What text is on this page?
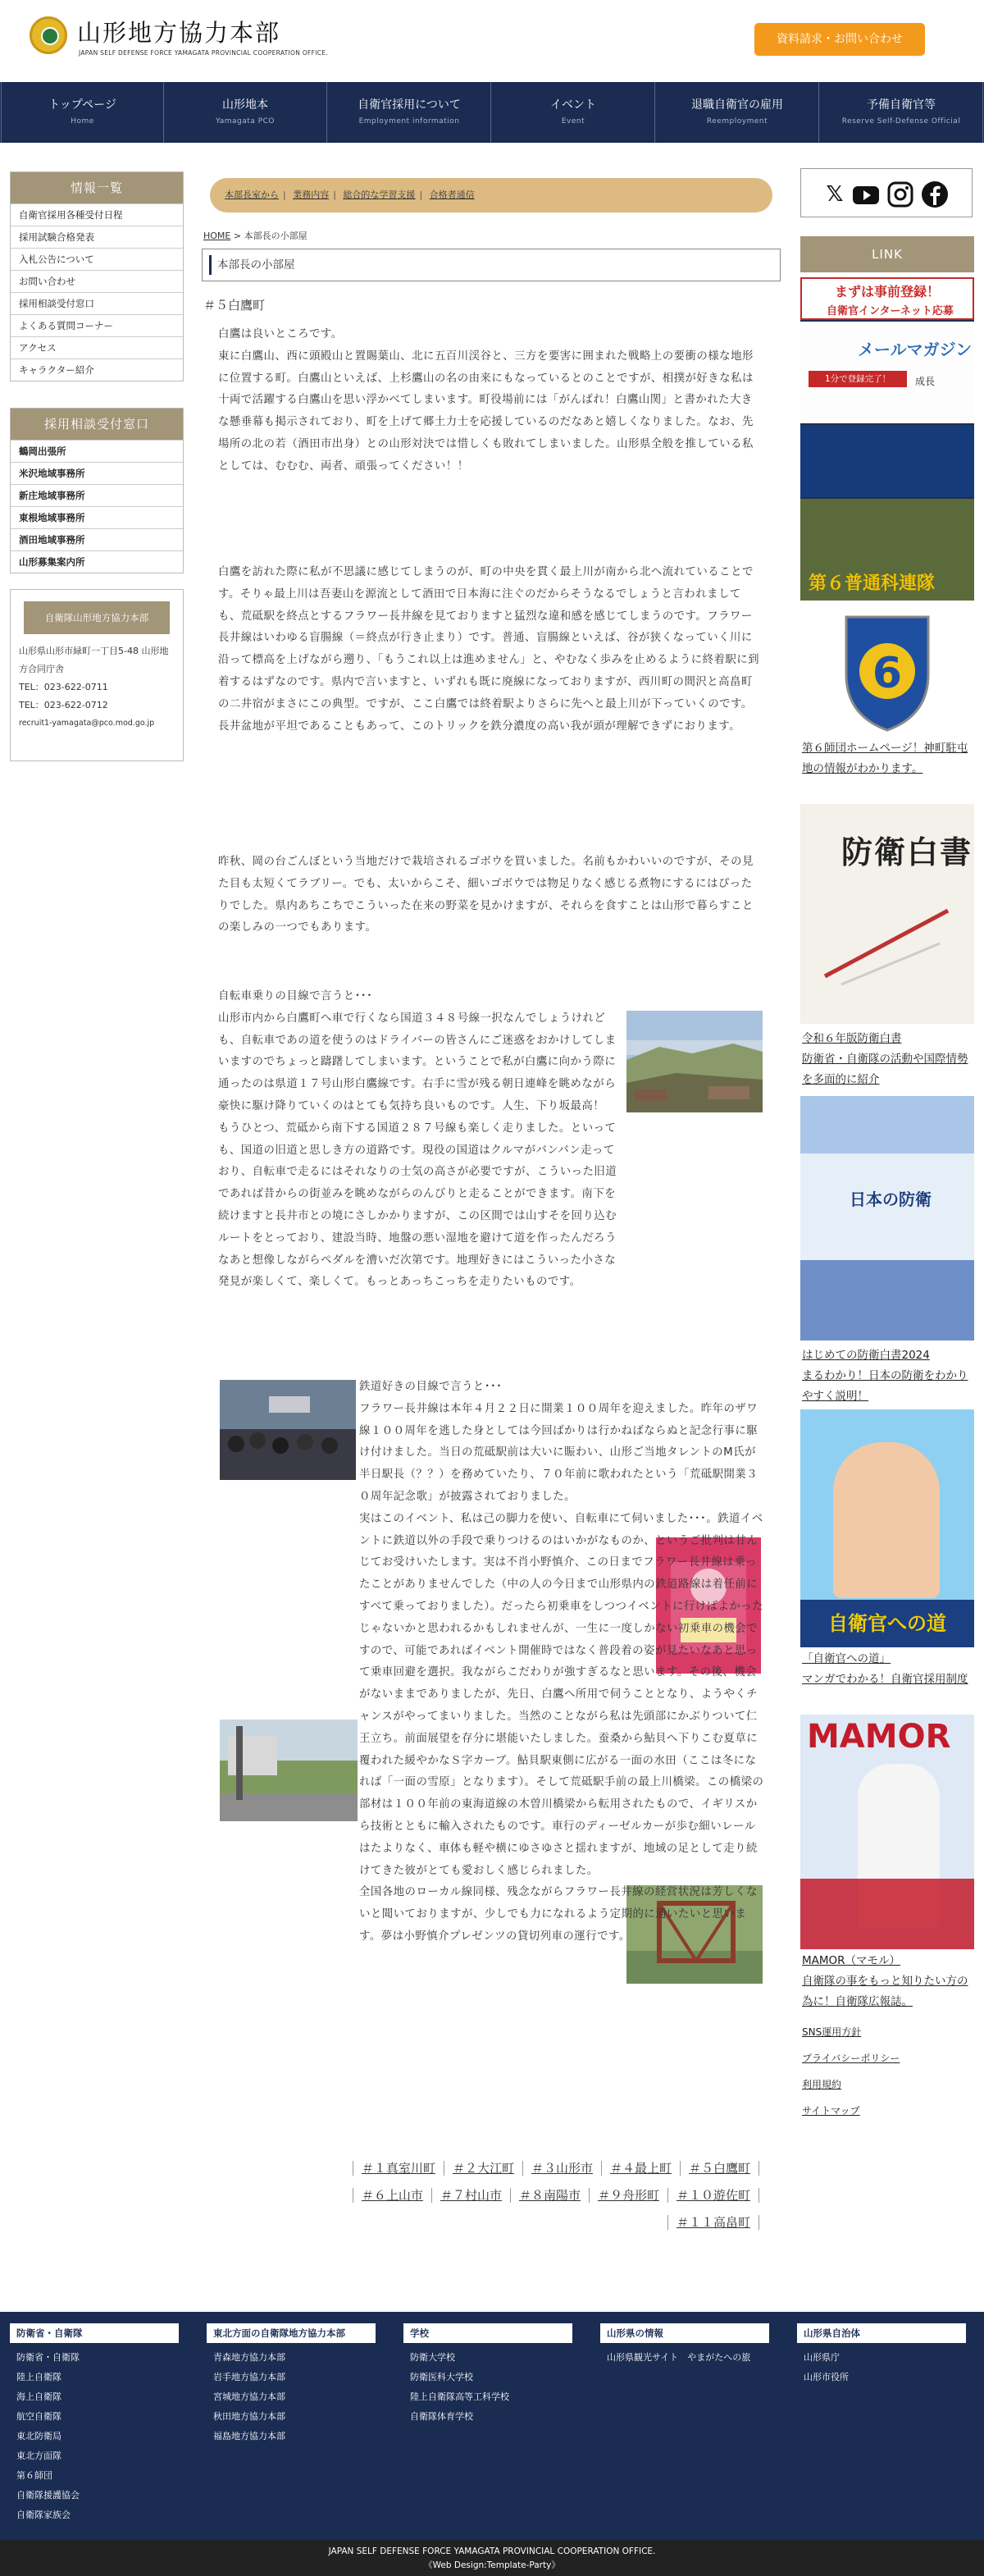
山形地方協力本部
JAPAN SELF DEFENSE FORCE YAMAGATA PROVINCIAL COOPERATION OFFICE.
資料請求・お問い合わせ
トップページ
Home
山形地本
Yamagata PCO
自衛官採用について
Employment information
イベント
Event
退職自衛官の雇用
Reemployment
予備自衛官等
Reserve Self-Defense Official
情報一覧
自衛官採用各種受付日程
採用試験合格発表
入札公告について
お問い合わせ
採用相談受付窓口
よくある質問コーナー
アクセス
キャラクター紹介
採用相談受付窓口
鶴岡出張所
米沢地域事務所
新庄地域事務所
東根地域事務所
酒田地域事務所
山形募集案内所
自衛隊山形地方協力本部
山形県山形市緑町一丁目5-48 山形地方合同庁舎
TEL：023-622-0711
TEL：023-622-0712
recruit1-yamagata@pco.mod.go.jp
本部長室から | 業務内容 | 総合的な学習支援 | 合格者通信
HOME > 本部長の小部屋
本部長の小部屋
＃５白鷹町
白鷹は良いところです。
東に白鷹山、西に頭殿山と置賜葉山、北に五百川渓谷と、三方を要害に囲まれた戦略上の要衝の様な地形に位置する町。白鷹山といえば、上杉鷹山の名の由来にもなっているとのことですが、相撲が好きな私は十両で活躍する白鷹山を思い浮かべてしまいます。町役場前には「がんばれ！白鷹山関」と書かれた大きな懸垂幕も掲示されており、町を上げて郷土力士を応援しているのだなあと嬉しくなりました。なお、先場所の北の若（酒田市出身）との山形対決では惜しくも敗れてしまいました。山形県全般を推している私としては、むむむ、両者、頑張ってください！！
白鷹を訪れた際に私が不思議に感じてしまうのが、町の中央を貫く最上川が南から北へ流れていることです。そりゃ最上川は吾妻山を源流として酒田で日本海に注ぐのだからそうなるでしょうと言われましても、荒砥駅を終点とするフラワー長井線を見ておりますと猛烈な違和感を感じてしまうのです。フラワー長井線はいわゆる盲腸線（＝終点が行き止まり）です。普通、盲腸線といえば、谷が狭くなっていく川に沿って標高を上げながら遡り、「もうこれ以上は進めません」と、やむなく歩みを止めるように終着駅に到着するはずなのです。県内で言いますと、いずれも既に廃線になっておりますが、西川町の間沢と高畠町の二井宿がまさにこの典型。ですが、ここ白鷹では終着駅よりさらに先へと最上川が下っていくのです。長井盆地が平坦であることもあって、このトリックを鉄分濃度の高い我が頭が理解できずにおります。
昨秋、岡の台ごんぼという当地だけで栽培されるゴボウを買いました。名前もかわいいのですが、その見た目も太短くてラブリー。でも、太いからこそ、細いゴボウでは物足りなく感じる煮物にするにはぴったりでした。県内あちこちでこういった在来の野菜を見かけますが、それらを食すことは山形で暮らすことの楽しみの一つでもあります。
自転車乗りの目線で言うと･･･
山形市内から白鷹町へ車で行くなら国道３４８号線一択なんでしょうけれども、自転車であの道を使うのはドライバーの皆さんにご迷惑をおかけしてしまいますのでちょっと躊躇してしまいます。ということで私が白鷹に向かう際に通ったのは県道１７号山形白鷹線です。右手に雪が残る朝日連峰を眺めながら豪快に駆け降りていくのはとても気持ち良いものです。人生、下り坂最高！
もうひとつ、荒砥から南下する国道２８７号線も楽しく走りました。といっても、国道の旧道と思しき方の道路です。現役の国道はクルマがバンバン走っており、自転車で走るにはそれなりの士気の高さが必要ですが、こういった旧道であれば昔からの街並みを眺めながらのんびりと走ることができます。南下を続けますと長井市との境にさしかかりますが、この区間では山すそを回り込むルートをとっており、建設当時、地盤の悪い湿地を避けて道を作ったんだろうなあと想像しながらペダルを漕いだ次第です。地理好きにはこういった小さな発見が楽しくて、楽しくて。もっとあっちこっちを走りたいものです。
鉄道好きの目線で言うと･･･
フラワー長井線は本年４月２２日に開業１００周年を迎えました。昨年のザワ線１００周年を逃した身としては今回ばかりは行かねばならぬと記念行事に駆け付けました。当日の荒砥駅前は大いに賑わい、山形ご当地タレントのM氏が半日駅長（？？）を務めていたり、７０年前に歌われたという「荒砥駅開業３０周年記念歌」が披露されておりました。
実はこのイベント、私は己の脚力を使い、自転車にて伺いました･･･。鉄道イベントに鉄道以外の手段で乗りつけるのはいかがなものか、というご批判は甘んじてお受けいたします。実は不肖小野慎介、この日までフラワー長井線は乗ったことがありませんでした（中の人の今日まで山形県内の鉄道路線は着任前にすべて乗っておりました）。だったら初乗車をしつつイベントに行けばよかったじゃないかと思われるかもしれませんが、一生に一度しかない初乗車の機会ですので、可能であればイベント開催時ではなく普段着の姿が見たいなあと思って乗車回避を選択。我ながらこだわりが強すぎるなと思います。その後、機会がないままでありましたが、先日、白鷹へ所用で伺うこととなり、ようやくチャンスがやってまいりました。当然のことながら私は先頭部にかぶりついて仁王立ち。前面展望を存分に堪能いたしました。蚕桑から鮎貝へ下りこむ夏草に覆われた緩やかなＳ字カーブ。鮎貝駅東側に広がる一面の水田（ここは冬になれば「一面の雪原」となります）。そして荒砥駅手前の最上川橋梁。この橋梁の部材は１００年前の東海道線の木曽川橋梁から転用されたもので、イギリスから技術とともに輸入されたものです。車行のディーゼルカーが歩む細いレールはたよりなく、車体も軽や横にゆさゆさと揺れますが、地域の足として走り続けてきた彼がとても愛おしく感じられました。
全国各地のローカル線同様、残念ながらフラワー長井線の経営状況は芳しくないと聞いておりますが、少しでも力になれるよう定期的に通いたいと思います。夢は小野慎介プレゼンツの貸切列車の運行です。
＃１真室川町 ＃２大江町 ＃３山形市 ＃４最上町 ＃５白鷹町
＃６上山市 ＃７村山市 ＃８南陽市 ＃９舟形町 ＃１０遊佐町
＃１１高畠町
𝕏
LINK
まずは事前登録！
自衛官インターネット応募
メールマガジン
1分で登録完了！	成長
第６普通科連隊
6
第６師団ホームページ！神町駐屯地の情報がわかります。
防衛白書
令和６年版防衛白書
防衛省・自衛隊の活動や国際情勢を多面的に紹介
日本の防衛
はじめての防衛白書2024
まるわかり！日本の防衛をわかりやすく説明！
自衛官への道
「自衛官への道」
マンガでわかる！自衛官採用制度
MAMOR
MAMOR（マモル）
自衛隊の事をもっと知りたい方の為に！自衛隊広報誌。
SNS運用方針
プライバシーポリシー
利用規約
サイトマップ
防衛省・自衛隊
防衛省・自衛隊
陸上自衛隊
海上自衛隊
航空自衛隊
東北防衛局
東北方面隊
第６師団
自衛隊援護協会
自衛隊家族会
東北方面の自衛隊地方協力本部
青森地方協力本部
岩手地方協力本部
宮城地方協力本部
秋田地方協力本部
福島地方協力本部
学校
防衛大学校
防衛医科大学校
陸上自衛隊高等工科学校
自衛隊体育学校
山形県の情報
山形県観光サイト　やまがたへの旅
山形県自治体
山形県庁
山形市役所
JAPAN SELF DEFENSE FORCE YAMAGATA PROVINCIAL COOPERATION OFFICE.
《Web Design:Template-Party》
